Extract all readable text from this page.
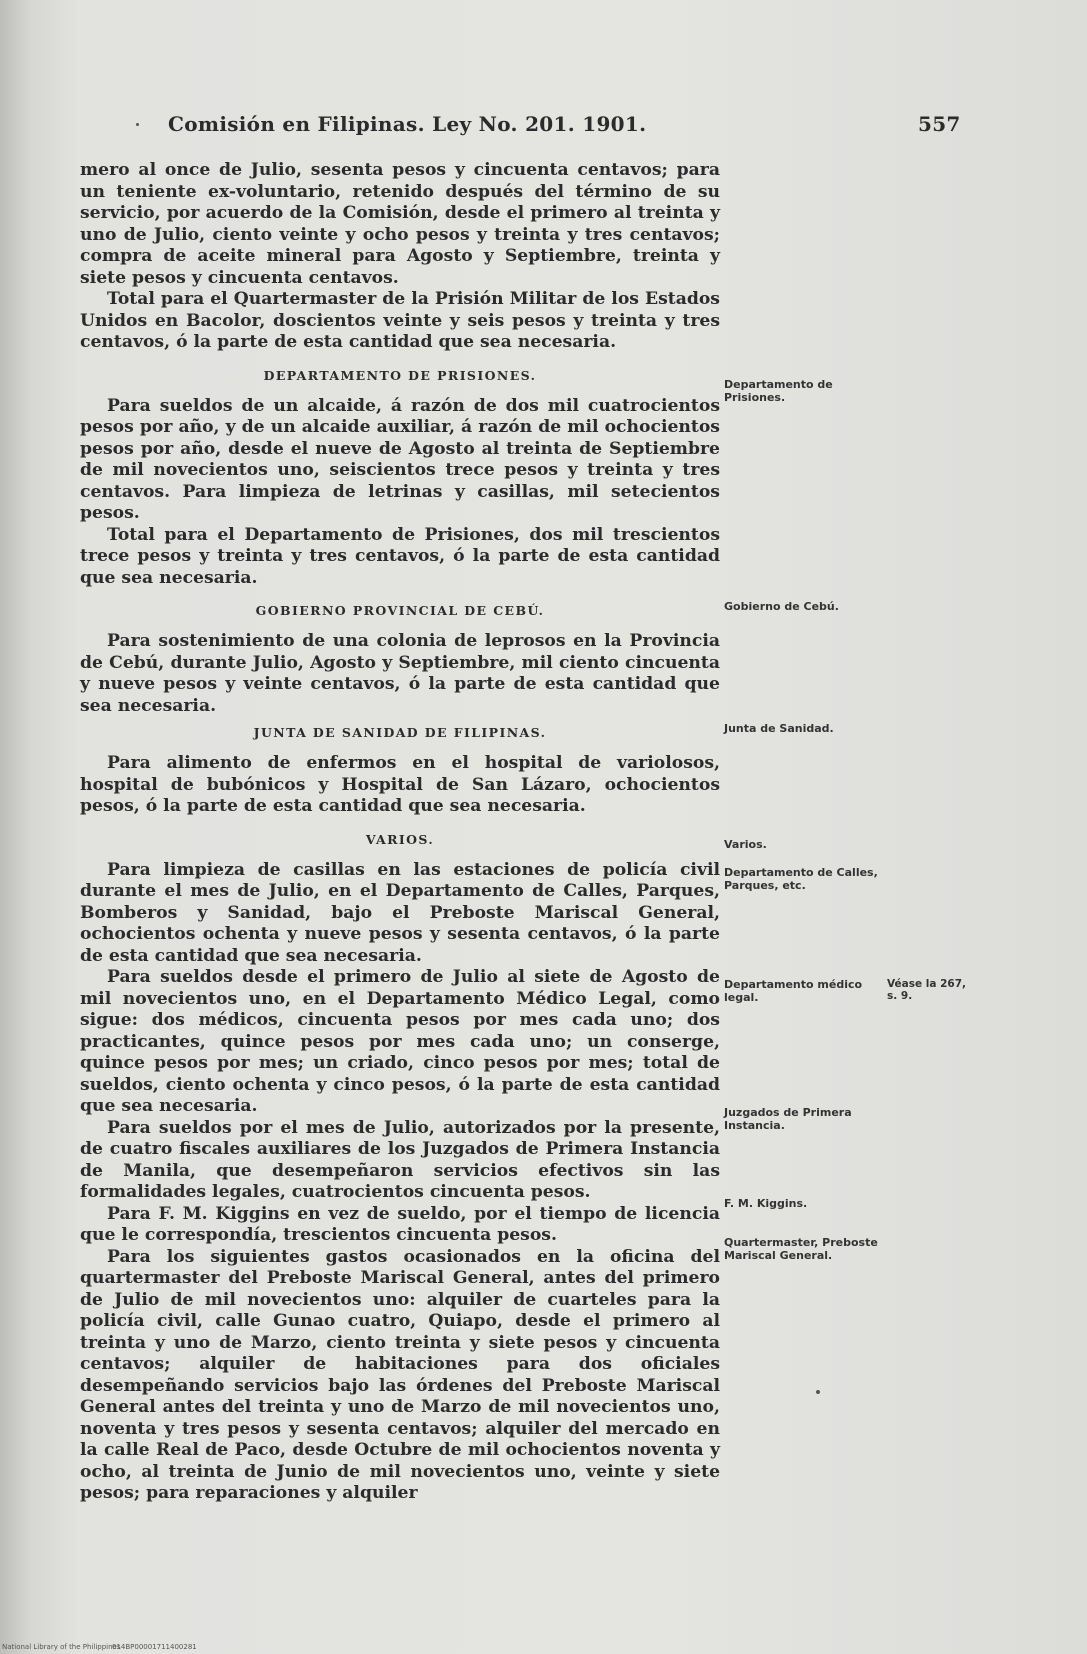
Comisión en Filipinas. Ley No. 201. 1901.	557

mero al once de Julio, sesenta pesos y cincuenta centavos; para un teniente ex-voluntario, retenido después del término de su servicio, por acuerdo de la Comisión, desde el primero al treinta y uno de Julio, ciento veinte y ocho pesos y treinta y tres centavos; compra de aceite mineral para Agosto y Septiembre, treinta y siete pesos y cincuenta centavos.

Total para el Quartermaster de la Prisión Militar de los Estados Unidos en Bacolor, doscientos veinte y seis pesos y treinta y tres centavos, ó la parte de esta cantidad que sea necesaria.

DEPARTAMENTO DE PRISIONES.

Para sueldos de un alcaide, á razón de dos mil cuatrocientos pesos por año, y de un alcaide auxiliar, á razón de mil ochocientos pesos por año, desde el nueve de Agosto al treinta de Septiembre de mil novecientos uno, seiscientos trece pesos y treinta y tres centavos. Para limpieza de letrinas y casillas, mil setecientos pesos.

Total para el Departamento de Prisiones, dos mil trescientos trece pesos y treinta y tres centavos, ó la parte de esta cantidad que sea necesaria.

GOBIERNO PROVINCIAL DE CEBÚ.

Para sostenimiento de una colonia de leprosos en la Provincia de Cebú, durante Julio, Agosto y Septiembre, mil ciento cincuenta y nueve pesos y veinte centavos, ó la parte de esta cantidad que sea necesaria.

JUNTA DE SANIDAD DE FILIPINAS.

Para alimento de enfermos en el hospital de variolosos, hospital de bubónicos y Hospital de San Lázaro, ochocientos pesos, ó la parte de esta cantidad que sea necesaria.

VARIOS.

Para limpieza de casillas en las estaciones de policía civil durante el mes de Julio, en el Departamento de Calles, Parques, Bomberos y Sanidad, bajo el Preboste Mariscal General, ochocientos ochenta y nueve pesos y sesenta centavos, ó la parte de esta cantidad que sea necesaria.

Para sueldos desde el primero de Julio al siete de Agosto de mil novecientos uno, en el Departamento Médico Legal, como sigue: dos médicos, cincuenta pesos por mes cada uno; dos practicantes, quince pesos por mes cada uno; un conserge, quince pesos por mes; un criado, cinco pesos por mes; total de sueldos, ciento ochenta y cinco pesos, ó la parte de esta cantidad que sea necesaria.

Para sueldos por el mes de Julio, autorizados por la presente, de cuatro fiscales auxiliares de los Juzgados de Primera Instancia de Manila, que desempeñaron servicios efectivos sin las formalidades legales, cuatrocientos cincuenta pesos.

Para F. M. Kiggins en vez de sueldo, por el tiempo de licencia que le correspondía, trescientos cincuenta pesos.

Para los siguientes gastos ocasionados en la oficina del quartermaster del Preboste Mariscal General, antes del primero de Julio de mil novecientos uno: alquiler de cuarteles para la policía civil, calle Gunao cuatro, Quiapo, desde el primero al treinta y uno de Marzo, ciento treinta y siete pesos y cincuenta centavos; alquiler de habitaciones para dos oficiales desempeñando servicios bajo las órdenes del Preboste Mariscal General antes del treinta y uno de Marzo de mil novecientos uno, noventa y tres pesos y sesenta centavos; alquiler del mercado en la calle Real de Paco, desde Octubre de mil ochocientos noventa y ocho, al treinta de Junio de mil novecientos uno, veinte y siete pesos; para reparaciones y alquiler

Departamento de Prisiones.
Gobierno de Cebú.
Junta de Sanidad.
Varios.
Departamento de Calles, Parques, etc.
Departamento médico legal.
Véase la 267, s. 9.
Juzgados de Primera Instancia.
F. M. Kiggins.
Quartermaster, Preboste Mariscal General.
National Library of the Philippines
014BP00001711400281
